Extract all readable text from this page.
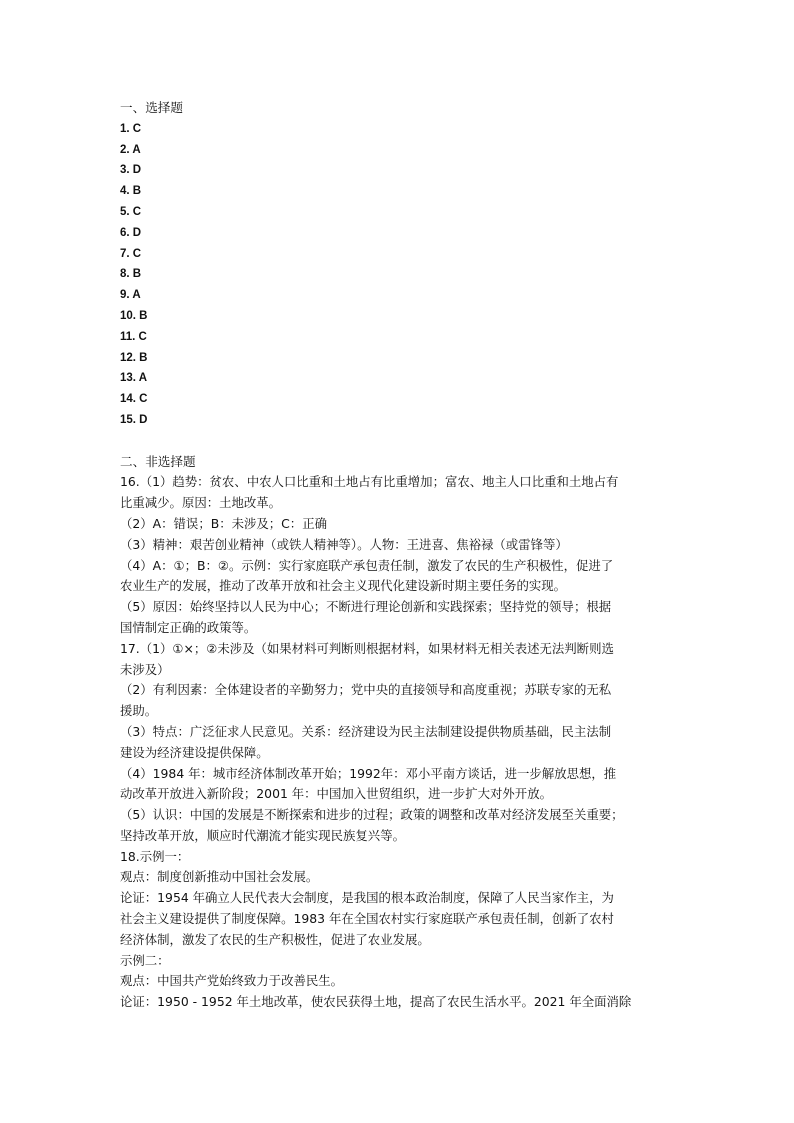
一、选择题
1. C
2. A
3. D
4. B
5. C
6. D
7. C
8. B
9. A
10. B
11. C
12. B
13. A
14. C
15. D
二、非选择题
16.（1）趋势：贫农、中农人口比重和土地占有比重增加；富农、地主人口比重和土地占有
比重减少。原因：土地改革。
（2）A：错误；B：未涉及；C：正确
（3）精神：艰苦创业精神（或铁人精神等）。人物：王进喜、焦裕禄（或雷锋等）
（4）A：①；B：②。示例：实行家庭联产承包责任制，激发了农民的生产积极性，促进了
农业生产的发展，推动了改革开放和社会主义现代化建设新时期主要任务的实现。
（5）原因：始终坚持以人民为中心；不断进行理论创新和实践探索；坚持党的领导；根据
国情制定正确的政策等。
17.（1）①×；②未涉及（如果材料可判断则根据材料，如果材料无相关表述无法判断则选
未涉及）
（2）有利因素：全体建设者的辛勤努力；党中央的直接领导和高度重视；苏联专家的无私
援助。
（3）特点：广泛征求人民意见。关系：经济建设为民主法制建设提供物质基础，民主法制
建设为经济建设提供保障。
（4）1984 年：城市经济体制改革开始；1992年：邓小平南方谈话，进一步解放思想，推
动改革开放进入新阶段；2001 年：中国加入世贸组织，进一步扩大对外开放。
（5）认识：中国的发展是不断探索和进步的过程；政策的调整和改革对经济发展至关重要；
坚持改革开放，顺应时代潮流才能实现民族复兴等。
18.示例一：
观点：制度创新推动中国社会发展。
论证：1954 年确立人民代表大会制度，是我国的根本政治制度，保障了人民当家作主，为
社会主义建设提供了制度保障。1983 年在全国农村实行家庭联产承包责任制，创新了农村
经济体制，激发了农民的生产积极性，促进了农业发展。
示例二：
观点：中国共产党始终致力于改善民生。
论证：1950 - 1952 年土地改革，使农民获得土地，提高了农民生活水平。2021 年全面消除
